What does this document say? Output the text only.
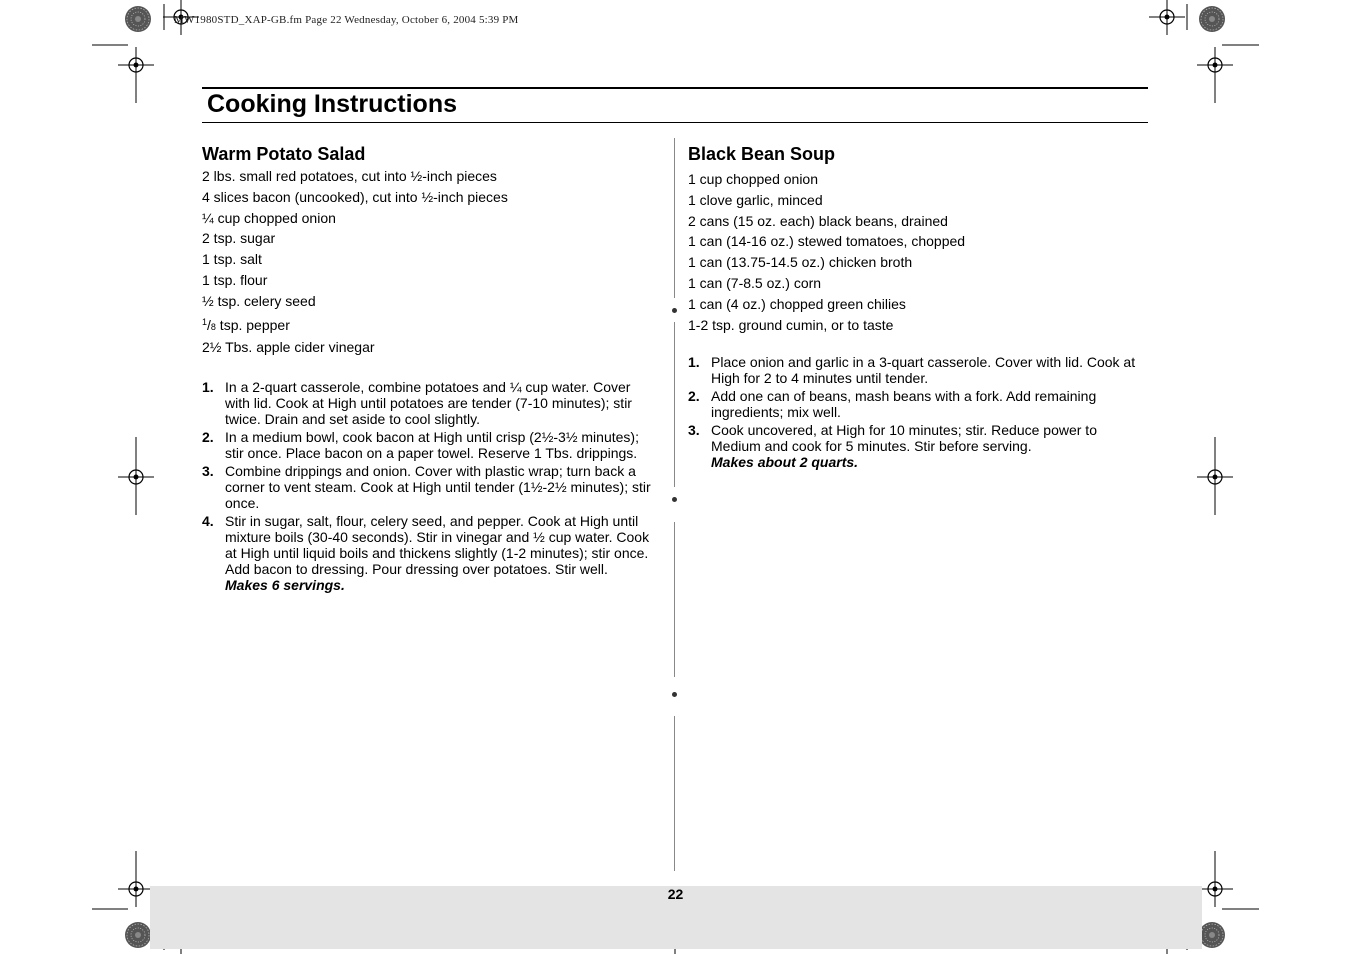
MW1980STD_XAP-GB.fm Page 22 Wednesday, October 6, 2004 5:39 PM
Cooking Instructions
Warm Potato Salad
2 lbs. small red potatoes, cut into ½-inch pieces
4 slices bacon (uncooked), cut into ½-inch pieces
¼ cup chopped onion
2 tsp. sugar
1 tsp. salt
1 tsp. flour
½ tsp. celery seed
$^1$/8 tsp. pepper
2½ Tbs. apple cider vinegar
1. In a 2-quart casserole, combine potatoes and ¼ cup water. Cover with lid. Cook at High until potatoes are tender (7-10 minutes); stir twice. Drain and set aside to cool slightly.
2. In a medium bowl, cook bacon at High until crisp (2½-3½ minutes); stir once. Place bacon on a paper towel. Reserve 1 Tbs. drippings.
3. Combine drippings and onion. Cover with plastic wrap; turn back a corner to vent steam. Cook at High until tender (1½-2½ minutes); stir once.
4. Stir in sugar, salt, flour, celery seed, and pepper. Cook at High until mixture boils (30-40 seconds). Stir in vinegar and ½ cup water. Cook at High until liquid boils and thickens slightly (1-2 minutes); stir once. Add bacon to dressing. Pour dressing over potatoes. Stir well.
Makes 6 servings.
Black Bean Soup
1 cup chopped onion
1 clove garlic, minced
2 cans (15 oz. each) black beans, drained
1 can (14-16 oz.) stewed tomatoes, chopped
1 can (13.75-14.5 oz.) chicken broth
1 can (7-8.5 oz.) corn
1 can (4 oz.) chopped green chilies
1-2 tsp. ground cumin, or to taste
1. Place onion and garlic in a 3-quart casserole. Cover with lid. Cook at High for 2 to 4 minutes until tender.
2. Add one can of beans, mash beans with a fork. Add remaining ingredients; mix well.
3. Cook uncovered, at High for 10 minutes; stir. Reduce power to Medium and cook for 5 minutes. Stir before serving.
Makes about 2 quarts.
22
